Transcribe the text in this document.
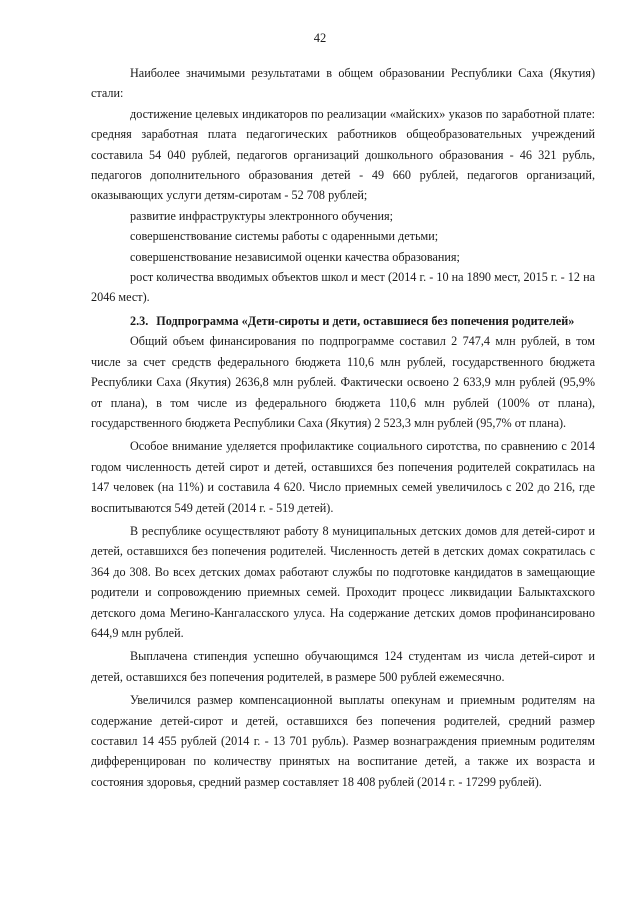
42

Наиболее значимыми результатами в общем образовании Республики Саха (Якутия) стали:

достижение целевых индикаторов по реализации «майских» указов по заработной плате: средняя заработная плата педагогических работников общеобразовательных учреждений составила 54 040 рублей, педагогов организаций дошкольного образования - 46 321 рубль, педагогов дополнительного образования детей - 49 660 рублей, педагогов организаций, оказывающих услуги детям-сиротам - 52 708 рублей;

развитие инфраструктуры электронного обучения;

совершенствование системы работы с одаренными детьми;

совершенствование независимой оценки качества образования;

рост количества вводимых объектов школ и мест (2014 г. - 10 на 1890 мест, 2015 г. - 12 на 2046 мест).

2.3. Подпрограмма «Дети-сироты и дети, оставшиеся без попечения родителей»

Общий объем финансирования по подпрограмме составил 2 747,4 млн рублей, в том числе за счет средств федерального бюджета 110,6 млн рублей, государственного бюджета Республики Саха (Якутия) 2636,8 млн рублей. Фактически освоено 2 633,9 млн рублей (95,9% от плана), в том числе из федерального бюджета 110,6 млн рублей (100% от плана), государственного бюджета Республики Саха (Якутия) 2 523,3 млн рублей (95,7% от плана).

Особое внимание уделяется профилактике социального сиротства, по сравнению с 2014 годом численность детей сирот и детей, оставшихся без попечения родителей сократилась на 147 человек (на 11%) и составила 4 620. Число приемных семей увеличилось с 202 до 216, где воспитываются 549 детей (2014 г. - 519 детей).

В республике осуществляют работу 8 муниципальных детских домов для детей-сирот и детей, оставшихся без попечения родителей. Численность детей в детских домах сократилась с 364 до 308. Во всех детских домах работают службы по подготовке кандидатов в замещающие родители и сопровождению приемных семей. Проходит процесс ликвидации Балыктахского детского дома Мегино-Кангаласского улуса. На содержание детских домов профинансировано 644,9 млн рублей.

Выплачена стипендия успешно обучающимся 124 студентам из числа детей-сирот и детей, оставшихся без попечения родителей, в размере 500 рублей ежемесячно.

Увеличился размер компенсационной выплаты опекунам и приемным родителям на содержание детей-сирот и детей, оставшихся без попечения родителей, средний размер составил 14 455 рублей (2014 г. - 13 701 рубль). Размер вознаграждения приемным родителям дифференцирован по количеству принятых на воспитание детей, а также их возраста и состояния здоровья, средний размер составляет 18 408 рублей (2014 г. - 17299 рублей).
